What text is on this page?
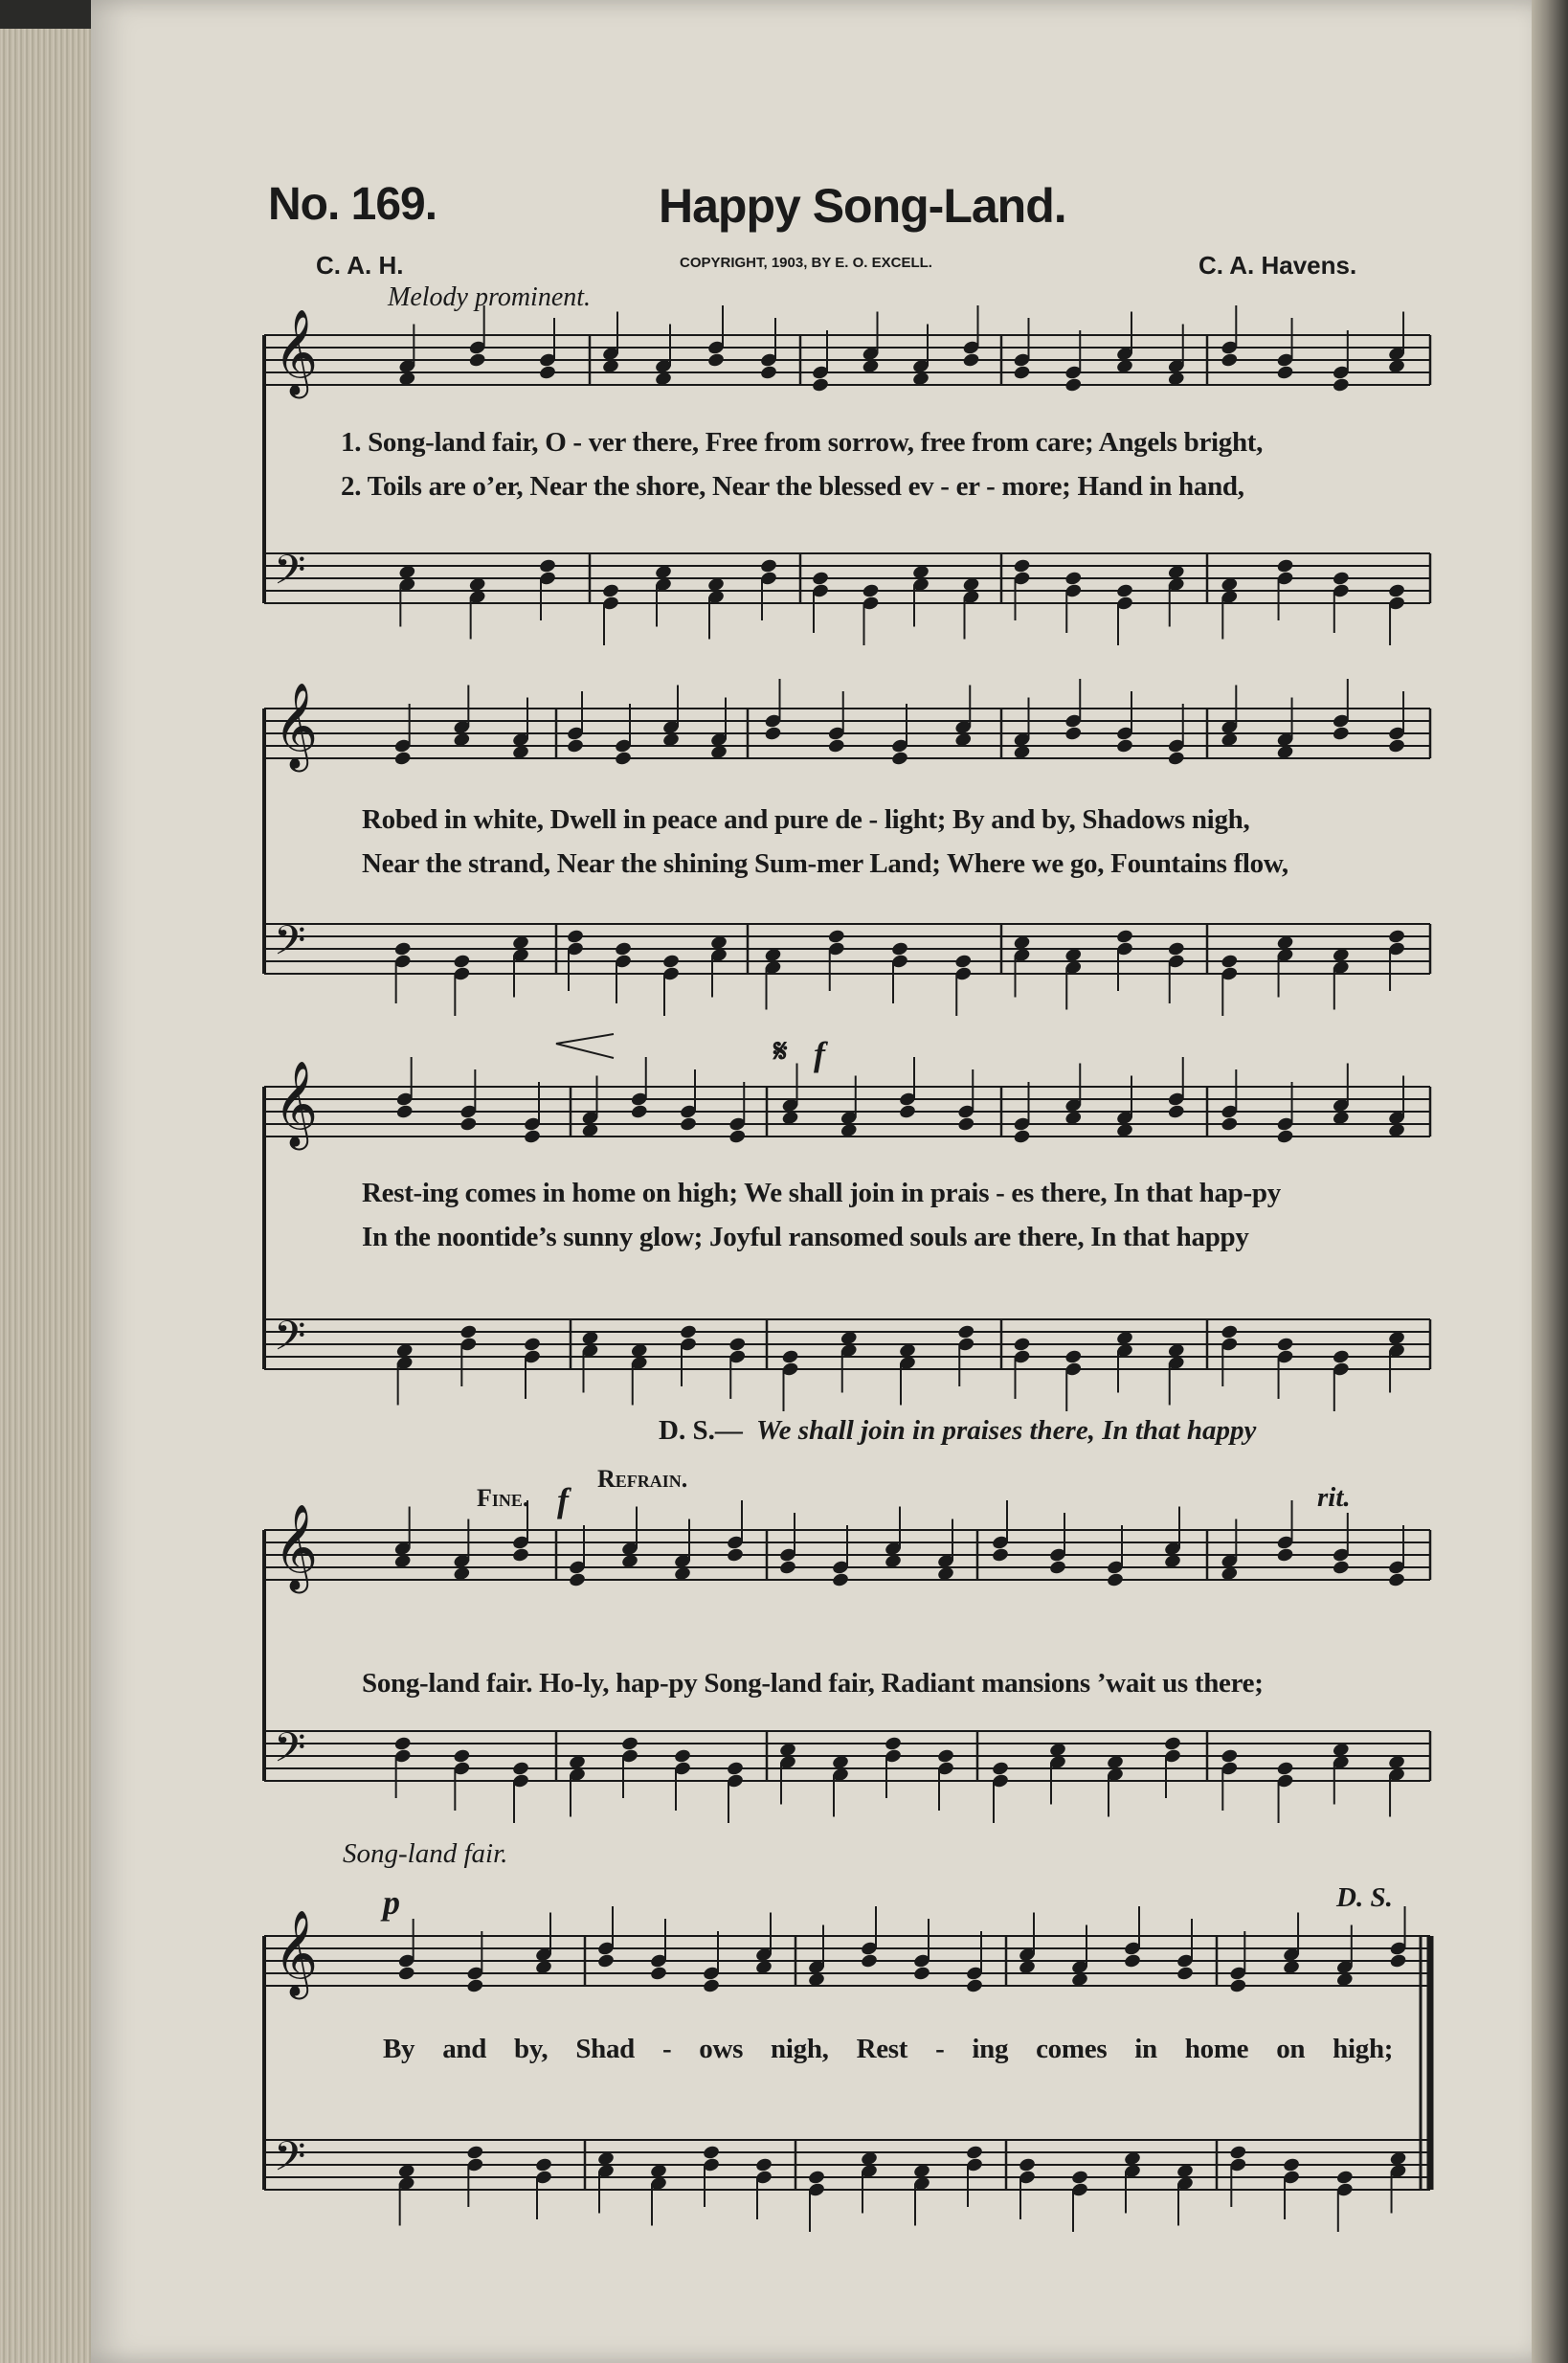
𝄞
𝄢
𝄞
𝄢
𝄞
𝄢
𝄞
𝄢
𝄞
𝄢
No. 169.	Happy Song-Land.
C. A. H.	COPYRIGHT, 1903, BY E. O. EXCELL.	C. A. Havens.
Melody prominent.
1. Song-land fair, O - ver there, Free from sorrow, free from care; Angels bright,
2. Toils are o’er, Near the shore, Near the blessed ev - er - more; Hand in hand,
Robed in white, Dwell in peace and pure de - light; By and by, Shadows nigh,
Near the strand, Near the shining Sum-mer Land; Where we go, Fountains flow,
f
𝄋
Rest-ing comes in home on high; We shall join in prais - es there, In that hap-py
In the noontide’s sunny glow; Joyful ransomed souls are there, In that happy
D. S.— We shall join in praises there, In that happy
Fine. f
Refrain.
rit.
Song-land fair. Ho-ly, hap-py Song-land fair, Radiant mansions ’wait us there;
Song-land fair.
p	D. S.
By and by, Shad - ows nigh, Rest - ing comes in home on high;
